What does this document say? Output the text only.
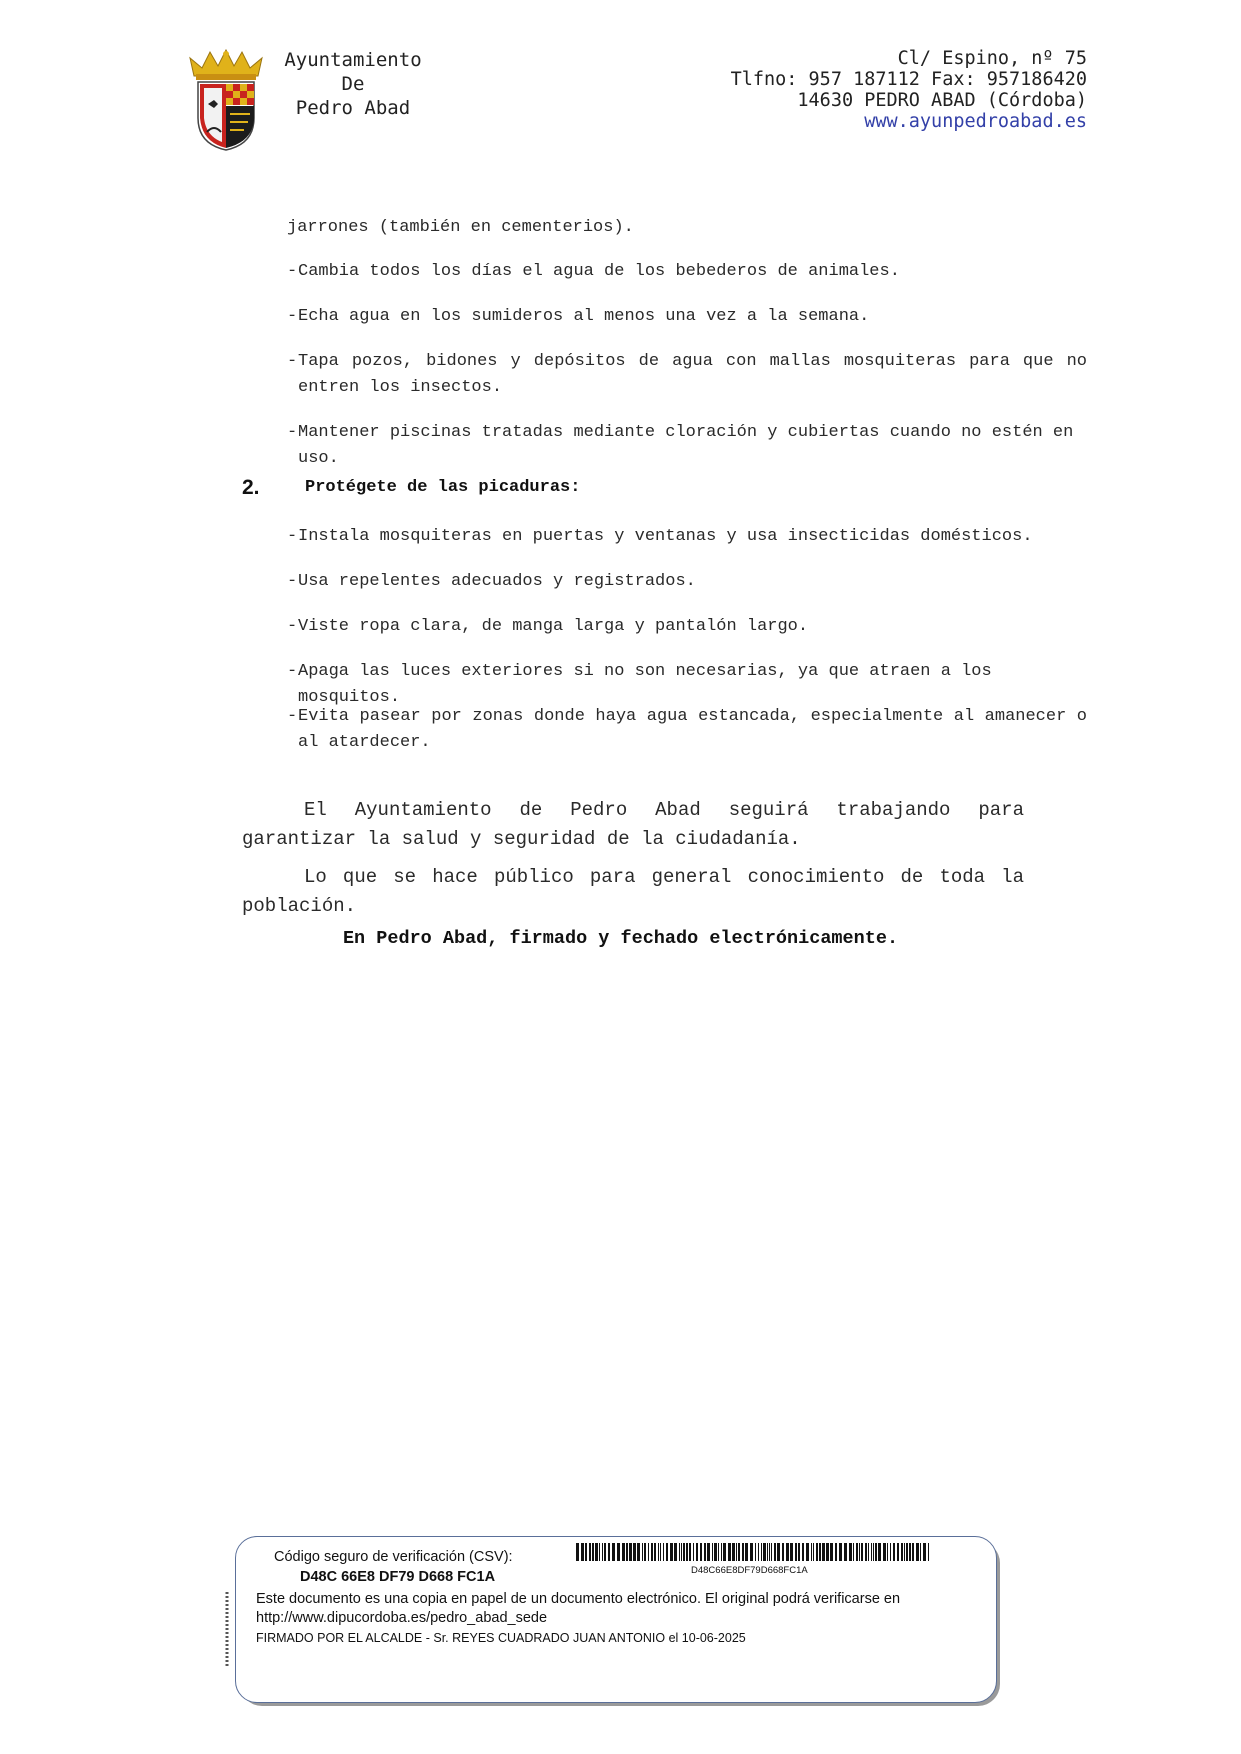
Ayuntamiento
De
Pedro Abad
Cl/ Espino, nº 75
Tlfno: 957 187112 Fax: 957186420
14630 PEDRO ABAD (Córdoba)
www.ayunpedroabad.es
jarrones (también en cementerios).
- Cambia todos los días el agua de los bebederos de animales.
- Echa agua en los sumideros al menos una vez a la semana.
- Tapa pozos, bidones y depósitos de agua con mallas mosquiteras para que no entren los insectos.
- Mantener piscinas tratadas mediante cloración y cubiertas cuando no estén en uso.
2.	Protégete de las picaduras:
- Instala mosquiteras en puertas y ventanas y usa insecticidas domésticos.
- Usa repelentes adecuados y registrados.
- Viste ropa clara, de manga larga y pantalón largo.
- Apaga las luces exteriores si no son necesarias, ya que atraen a los mosquitos.
- Evita pasear por zonas donde haya agua estancada, especialmente al amanecer o al atardecer.
El Ayuntamiento de Pedro Abad seguirá trabajando para garantizar la salud y seguridad de la ciudadanía.
Lo que se hace público para general conocimiento de toda la población.
En Pedro Abad, firmado y fechado electrónicamente.
Código seguro de verificación (CSV):
D48C 66E8 DF79 D668 FC1A	D48C66E8DF79D668FC1A
Este documento es una copia en papel de un documento electrónico. El original podrá verificarse en
http://www.dipucordoba.es/pedro_abad_sede
FIRMADO POR EL ALCALDE - Sr. REYES CUADRADO JUAN ANTONIO el 10-06-2025
